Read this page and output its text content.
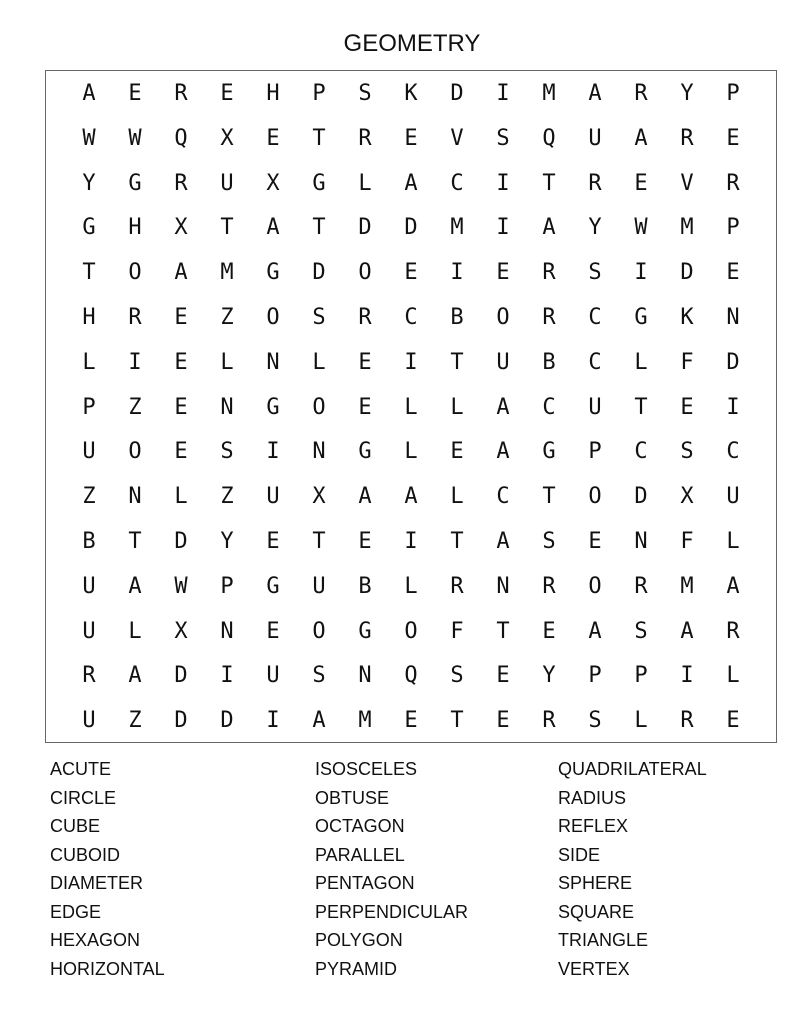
GEOMETRY
A	E	R	E	H	P	S	K	D	I	M	A	R	Y	P
W	W	Q	X	E	T	R	E	V	S	Q	U	A	R	E
Y	G	R	U	X	G	L	A	C	I	T	R	E	V	R
G	H	X	T	A	T	D	D	M	I	A	Y	W	M	P
T	O	A	M	G	D	O	E	I	E	R	S	I	D	E
H	R	E	Z	O	S	R	C	B	O	R	C	G	K	N
L	I	E	L	N	L	E	I	T	U	B	C	L	F	D
P	Z	E	N	G	O	E	L	L	A	C	U	T	E	I
U	O	E	S	I	N	G	L	E	A	G	P	C	S	C
Z	N	L	Z	U	X	A	A	L	C	T	O	D	X	U
B	T	D	Y	E	T	E	I	T	A	S	E	N	F	L
U	A	W	P	G	U	B	L	R	N	R	O	R	M	A
U	L	X	N	E	O	G	O	F	T	E	A	S	A	R
R	A	D	I	U	S	N	Q	S	E	Y	P	P	I	L
U	Z	D	D	I	A	M	E	T	E	R	S	L	R	E
ACUTE
CIRCLE
CUBE
CUBOID
DIAMETER
EDGE
HEXAGON
HORIZONTAL
ISOSCELES
OBTUSE
OCTAGON
PARALLEL
PENTAGON
PERPENDICULAR
POLYGON
PYRAMID
QUADRILATERAL
RADIUS
REFLEX
SIDE
SPHERE
SQUARE
TRIANGLE
VERTEX
